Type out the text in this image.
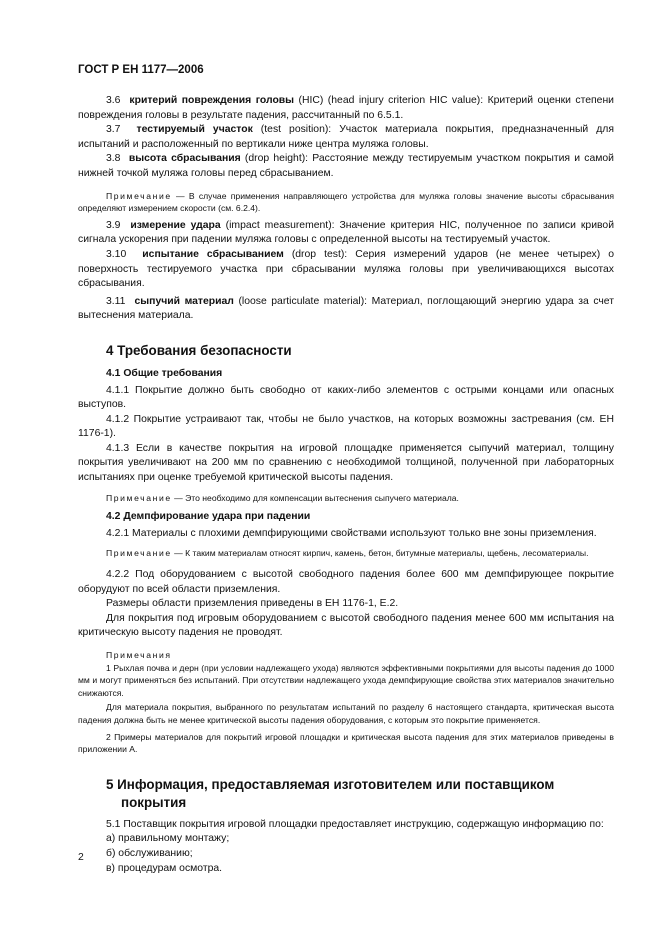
ГОСТ Р ЕН 1177—2006

3.6 критерий повреждения головы (HIC) (head injury criterion HIC value): Критерий оценки степени повреждения головы в результате падения, рассчитанный по 6.5.1.

3.7 тестируемый участок (test position): Участок материала покрытия, предназначенный для испытаний и расположенный по вертикали ниже центра муляжа головы.

3.8 высота сбрасывания (drop height): Расстояние между тестируемым участком покрытия и самой нижней точкой муляжа головы перед сбрасыванием.

Примечание — В случае применения направляющего устройства для муляжа головы значение высоты сбрасывания определяют измерением скорости (см. 6.2.4).

3.9 измерение удара (impact measurement): Значение критерия HIC, полученное по записи кривой сигнала ускорения при падении муляжа головы с определенной высоты на тестируемый участок.

3.10 испытание сбрасыванием (drop test): Серия измерений ударов (не менее четырех) о поверхность тестируемого участка при сбрасывании муляжа головы при увеличивающихся высотах сбрасывания.

3.11 сыпучий материал (loose particulate material): Материал, поглощающий энергию удара за счет вытеснения материала.

4 Требования безопасности
4.1 Общие требования

4.1.1 Покрытие должно быть свободно от каких-либо элементов с острыми концами или опасных выступов.

4.1.2 Покрытие устраивают так, чтобы не было участков, на которых возможны застревания (см. ЕН 1176-1).

4.1.3 Если в качестве покрытия на игровой площадке применяется сыпучий материал, толщину покрытия увеличивают на 200 мм по сравнению с необходимой толщиной, полученной при лабораторных испытаниях при оценке требуемой критической высоты падения.

Примечание — Это необходимо для компенсации вытеснения сыпучего материала.

4.2 Демпфирование удара при падении

4.2.1 Материалы с плохими демпфирующими свойствами используют только вне зоны приземления.

Примечание — К таким материалам относят кирпич, камень, бетон, битумные материалы, щебень, лесоматериалы.

4.2.2 Под оборудованием с высотой свободного падения более 600 мм демпфирующее покрытие оборудуют по всей области приземления.

Размеры области приземления приведены в ЕН 1176-1, Е.2.

Для покрытия под игровым оборудованием с высотой свободного падения менее 600 мм испытания на критическую высоту падения не проводят.

Примечания

1 Рыхлая почва и дерн (при условии надлежащего ухода) являются эффективными покрытиями для высоты падения до 1000 мм и могут применяться без испытаний. При отсутствии надлежащего ухода демпфирующие свойства этих материалов значительно снижаются.

Для материала покрытия, выбранного по результатам испытаний по разделу 6 настоящего стандарта, критическая высота падения должна быть не менее критической высоты падения оборудования, с которым это покрытие применяется.

2 Примеры материалов для покрытий игровой площадки и критическая высота падения для этих материалов приведены в приложении А.

5 Информация, предоставляемая изготовителем или поставщиком покрытия

5.1 Поставщик покрытия игровой площадки предоставляет инструкцию, содержащую информацию по:

а) правильному монтажу;

б) обслуживанию;

в) процедурам осмотра.

2
